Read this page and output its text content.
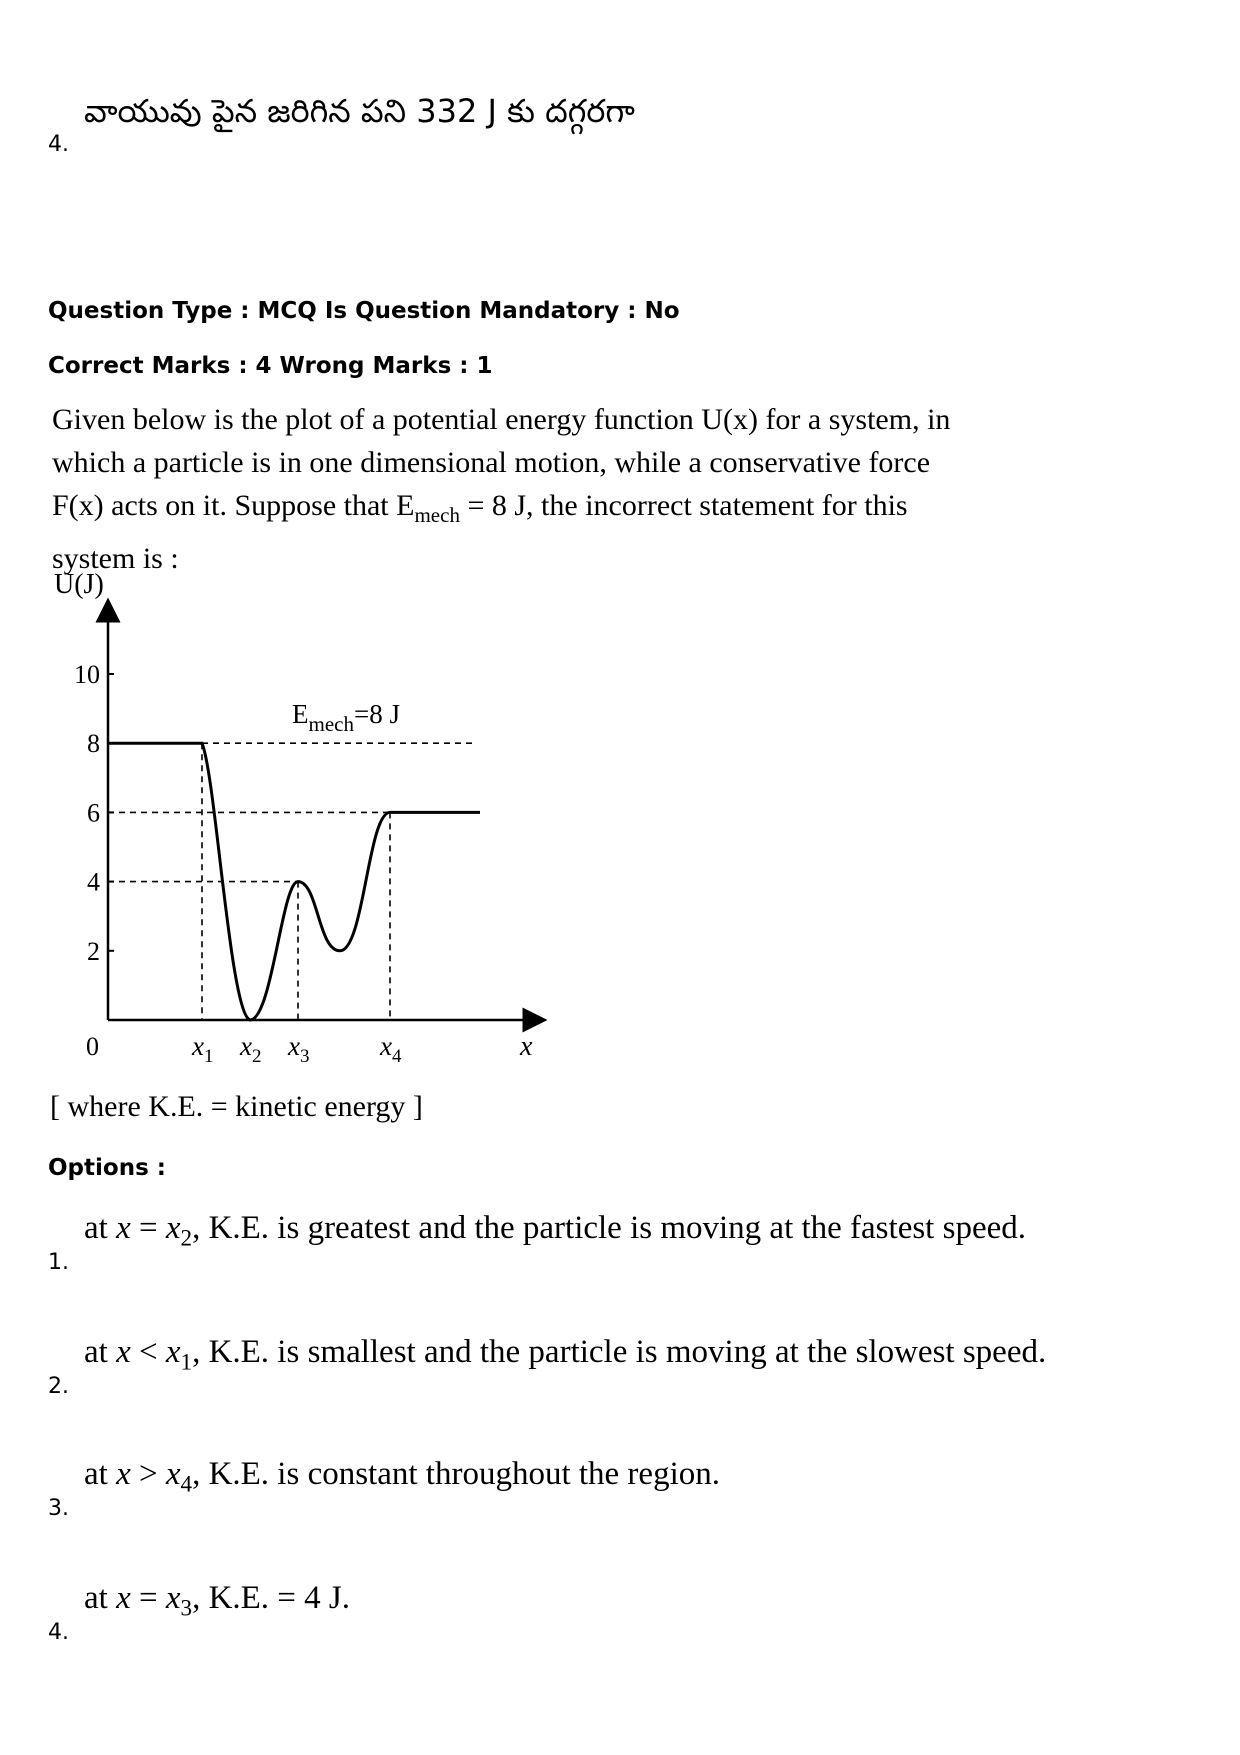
4.
వాయువు పైన జరిగిన పని 332 J కు దగ్గరగా
Question Type : MCQ Is Question Mandatory : No
Correct Marks : 4 Wrong Marks : 1
Given below is the plot of a potential energy function U(x) for a system, in which a particle is in one dimensional motion, while a conservative force F(x) acts on it. Suppose that $E_{mech} = 8$ J, the incorrect statement for this system is :
U(J)
x
0
2
4
6
8
10
$x_1$ $x_2$ $x_3$	$x_4$
$E_{mech}=8$ J
[ where K.E. = kinetic energy ]
Options :
1.
at $x = x_2$, K.E. is greatest and the particle is moving at the fastest speed.
2.
at $x < x_1$, K.E. is smallest and the particle is moving at the slowest speed.
3.
at $x > x_4$, K.E. is constant throughout the region.
4.
at $x = x_3$, K.E. = 4 J.
